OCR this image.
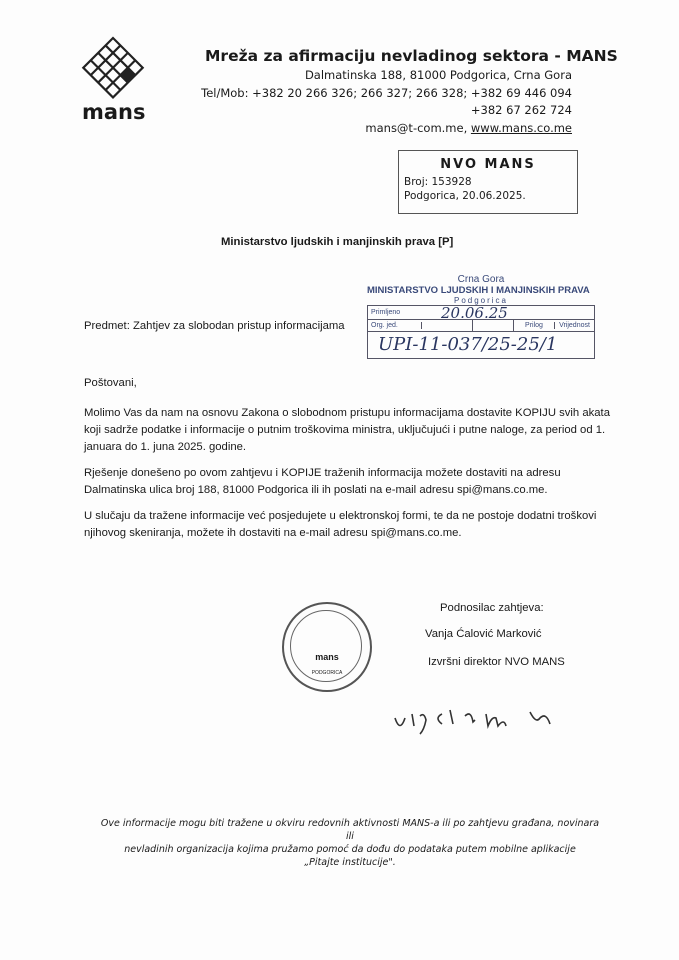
mans
Mreža za afirmaciju nevladinog sektora - MANS
Dalmatinska 188, 81000 Podgorica, Crna Gora
Tel/Mob: +382 20 266 326; 266 327; 266 328; +382 69 446 094
+382 67 262 724
mans@t-com.me, www.mans.co.me
NVO MANS
Broj: 153928
Podgorica, 20.06.2025.
Ministarstvo ljudskih i manjinskih prava [P]
Crna Gora
MINISTARSTVO LJUDSKIH I MANJINSKIH PRAVA
Podgorica
Primljeno	20.06.25
Org. jed.	Prilog	Vrijednost
UPI-11-037/25-25/1
Predmet: Zahtjev za slobodan pristup informacijama
Poštovani,
Molimo Vas da nam na osnovu Zakona o slobodnom pristupu informacijama dostavite KOPIJU svih akata koji sadrže podatke i informacije o putnim troškovima ministra, uključujući i putne naloge, za period od 1. januara do 1. juna 2025. godine.
Rješenje donešeno po ovom zahtjevu i KOPIJE traženih informacija možete dostaviti na adresu Dalmatinska ulica broj 188, 81000 Podgorica ili ih poslati na e-mail adresu spi@mans.co.me.
U slučaju da tražene informacije već posjedujete u elektronskoj formi, te da ne postoje dodatni troškovi njihovog skeniranja, možete ih dostaviti na e-mail adresu spi@mans.co.me.
Podnosilac zahtjeva:
Vanja Ćalović Marković
Izvršni direktor NVO MANS
mans
PODGORICA
Ove informacije mogu biti tražene u okviru redovnih aktivnosti MANS-a ili po zahtjevu građana, novinara ili
nevladinih organizacija kojima pružamo pomoć da dođu do podataka putem mobilne aplikacije
„Pitajte institucije".
